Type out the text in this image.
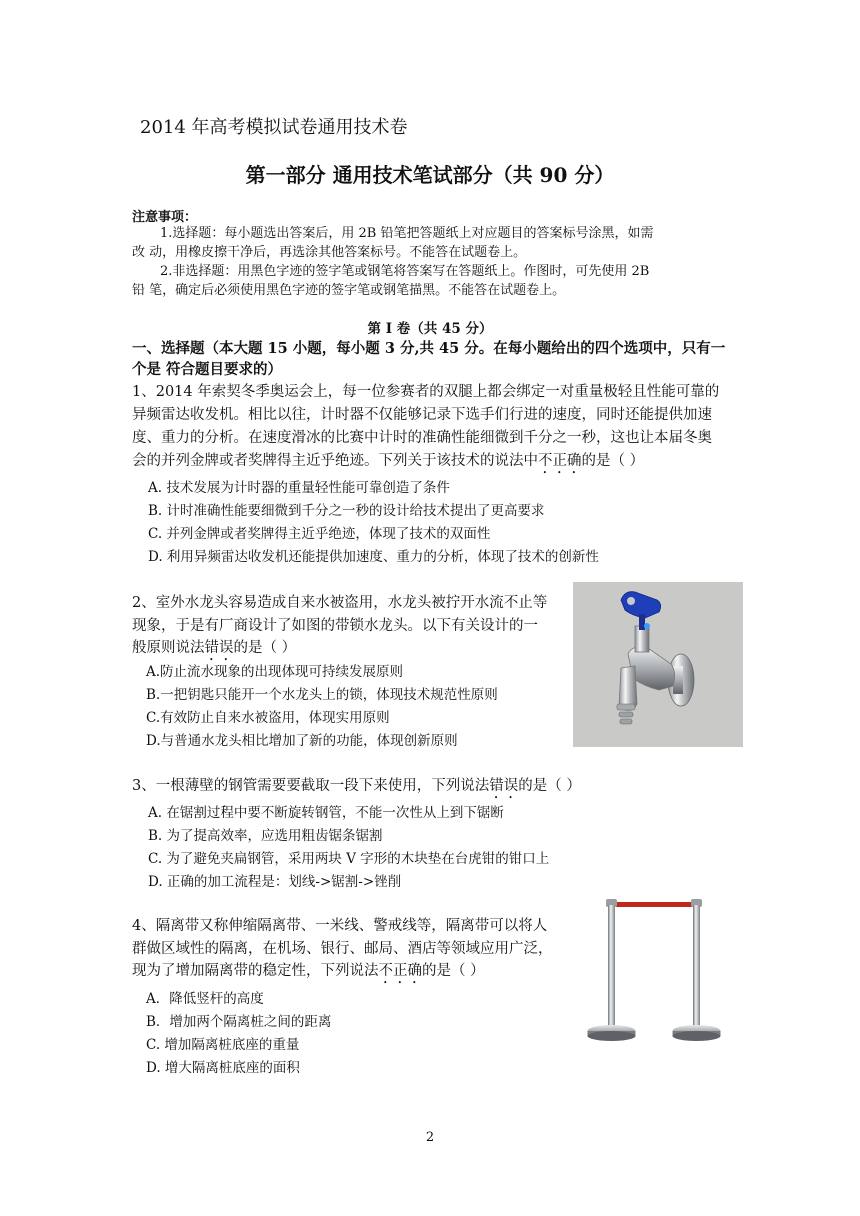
2014 年高考模拟试卷通用技术卷
第一部分 通用技术笔试部分（共 90 分）
注意事项：
1.选择题：每小题选出答案后，用 2B 铅笔把答题纸上对应题目的答案标号涂黑，如需
改 动，用橡皮擦干净后，再选涂其他答案标号。不能答在试题卷上。
2.非选择题：用黑色字迹的签字笔或钢笔将答案写在答题纸上。作图时，可先使用 2B
铅 笔，确定后必须使用黑色字迹的签字笔或钢笔描黑。不能答在试题卷上。
第 I 卷（共 45 分）
一、选择题（本大题 15 小题，每小题 3 分,共 45 分。在每小题给出的四个选项中，只有一个是 符合题目要求的）
1、2014 年索契冬季奥运会上，每一位参赛者的双腿上都会绑定一对重量极轻且性能可靠的
异频雷达收发机。相比以往，计时器不仅能够记录下选手们行进的速度，同时还能提供加速
度、重力的分析。在速度滑冰的比赛中计时的准确性能细微到千分之一秒，这也让本届冬奥
会的并列金牌或者奖牌得主近乎绝迹。下列关于该技术的说法中不正确的是（ ）
A. 技术发展为计时器的重量轻性能可靠创造了条件
B. 计时准确性能要细微到千分之一秒的设计给技术提出了更高要求
C. 并列金牌或者奖牌得主近乎绝迹，体现了技术的双面性
D. 利用异频雷达收发机还能提供加速度、重力的分析，体现了技术的创新性
2、室外水龙头容易造成自来水被盗用，水龙头被拧开水流不止等
现象，于是有厂商设计了如图的带锁水龙头。以下有关设计的一
般原则说法错误的是（ ）
A.防止流水现象的出现体现可持续发展原则
B.一把钥匙只能开一个水龙头上的锁，体现技术规范性原则
C.有效防止自来水被盗用，体现实用原则
D.与普通水龙头相比增加了新的功能，体现创新原则
3、一根薄壁的钢管需要要截取一段下来使用，下列说法错误的是（ ）
A. 在锯割过程中要不断旋转钢管，不能一次性从上到下锯断
B. 为了提高效率，应选用粗齿锯条锯割
C. 为了避免夹扁钢管，采用两块 V 字形的木块垫在台虎钳的钳口上
D. 正确的加工流程是：划线->锯割->锉削
4、隔离带又称伸缩隔离带、一米线、警戒线等，隔离带可以将人
群做区域性的隔离，在机场、银行、邮局、酒店等领域应用广泛，
现为了增加隔离带的稳定性，下列说法不正确的是（ ）
A．降低竖杆的高度
B．增加两个隔离桩之间的距离
C. 增加隔离桩底座的重量
D. 增大隔离桩底座的面积
2
